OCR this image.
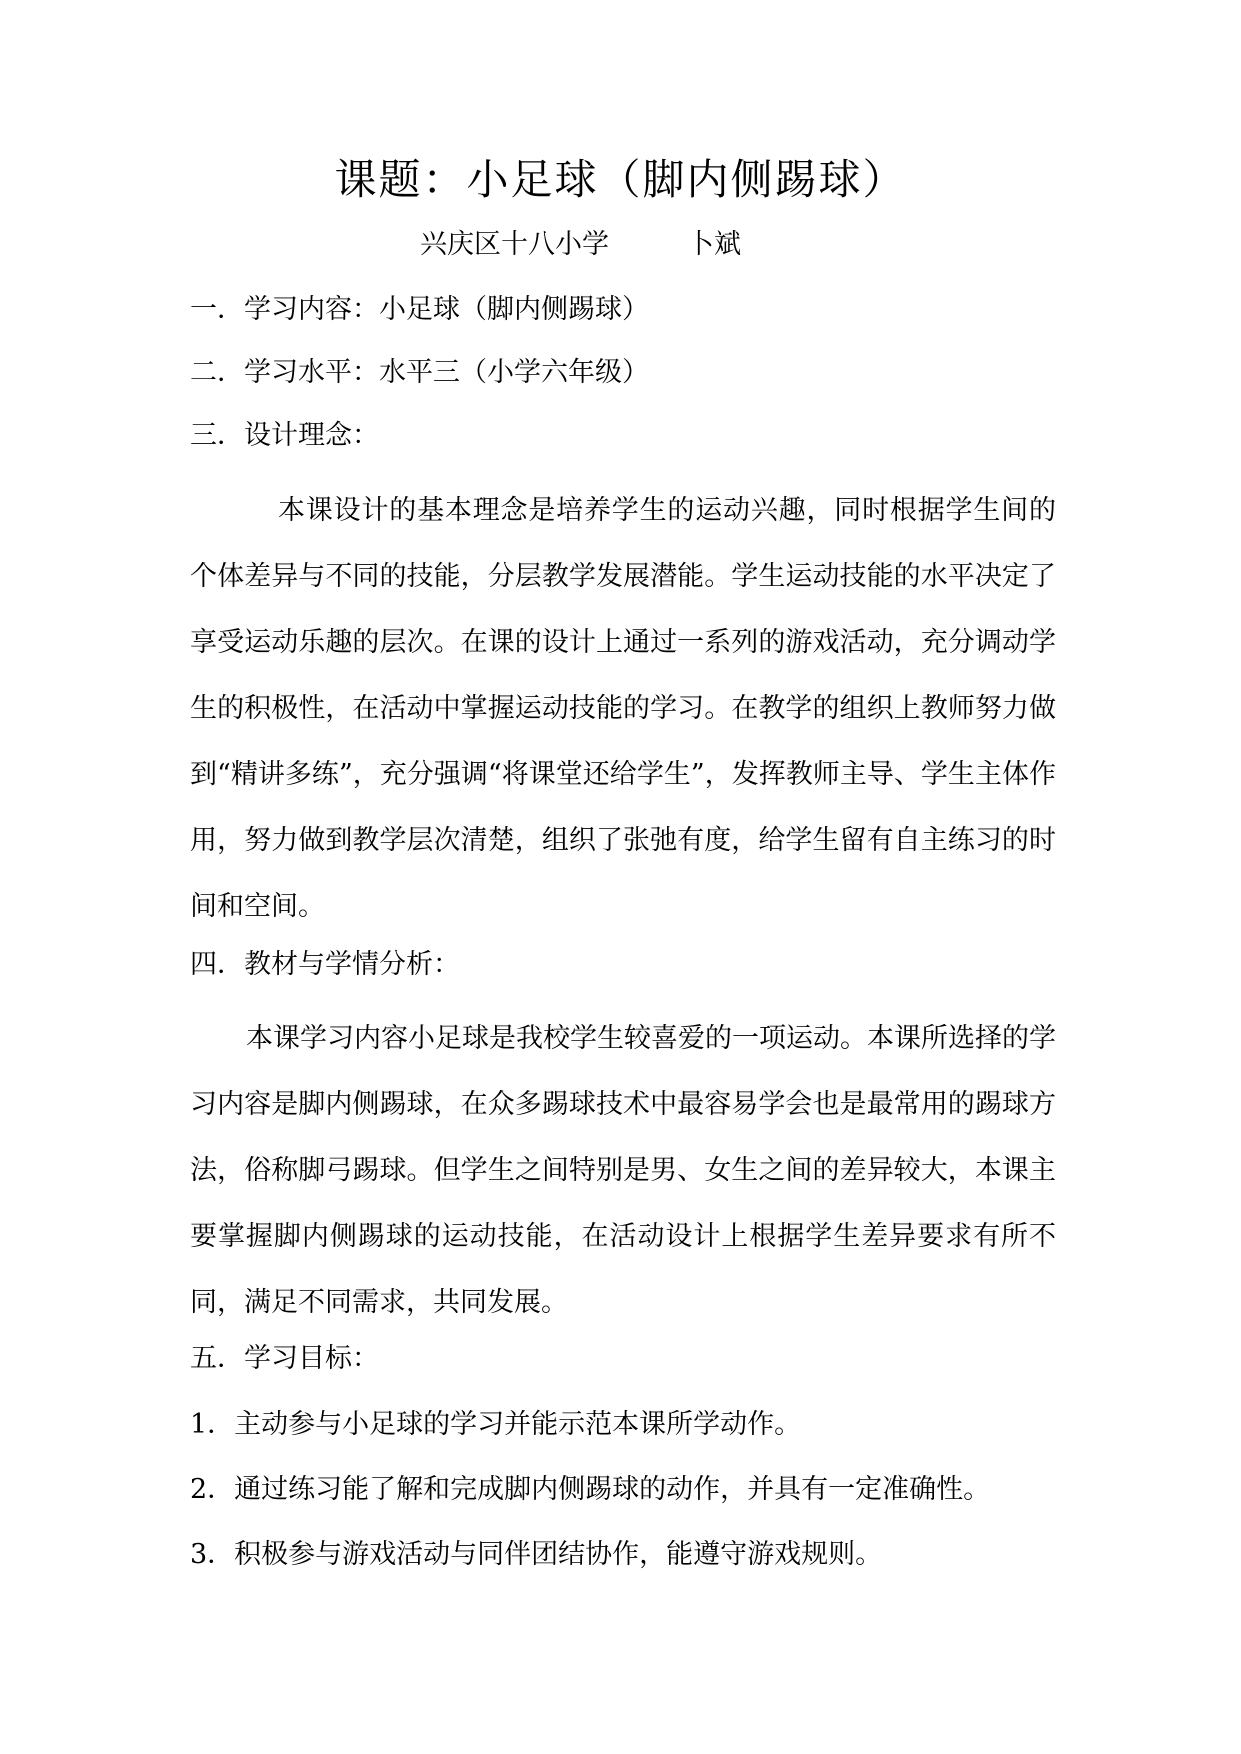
课题：小足球（脚内侧踢球）
兴庆区十八小学	卜斌
一．学习内容：小足球（脚内侧踢球）
二．学习水平：水平三（小学六年级）
三．设计理念：
本课设计的基本理念是培养学生的运动兴趣，同时根据学生间的个体差异与不同的技能，分层教学发展潜能。学生运动技能的水平决定了享受运动乐趣的层次。在课的设计上通过一系列的游戏活动，充分调动学生的积极性，在活动中掌握运动技能的学习。在教学的组织上教师努力做到“精讲多练”，充分强调“将课堂还给学生”，发挥教师主导、学生主体作用，努力做到教学层次清楚，组织了张弛有度，给学生留有自主练习的时间和空间。
四．教材与学情分析：
本课学习内容小足球是我校学生较喜爱的一项运动。本课所选择的学习内容是脚内侧踢球，在众多踢球技术中最容易学会也是最常用的踢球方法，俗称脚弓踢球。但学生之间特别是男、女生之间的差异较大，本课主要掌握脚内侧踢球的运动技能，在活动设计上根据学生差异要求有所不同，满足不同需求，共同发展。
五．学习目标：
1．主动参与小足球的学习并能示范本课所学动作。
2．通过练习能了解和完成脚内侧踢球的动作，并具有一定准确性。
3．积极参与游戏活动与同伴团结协作，能遵守游戏规则。
